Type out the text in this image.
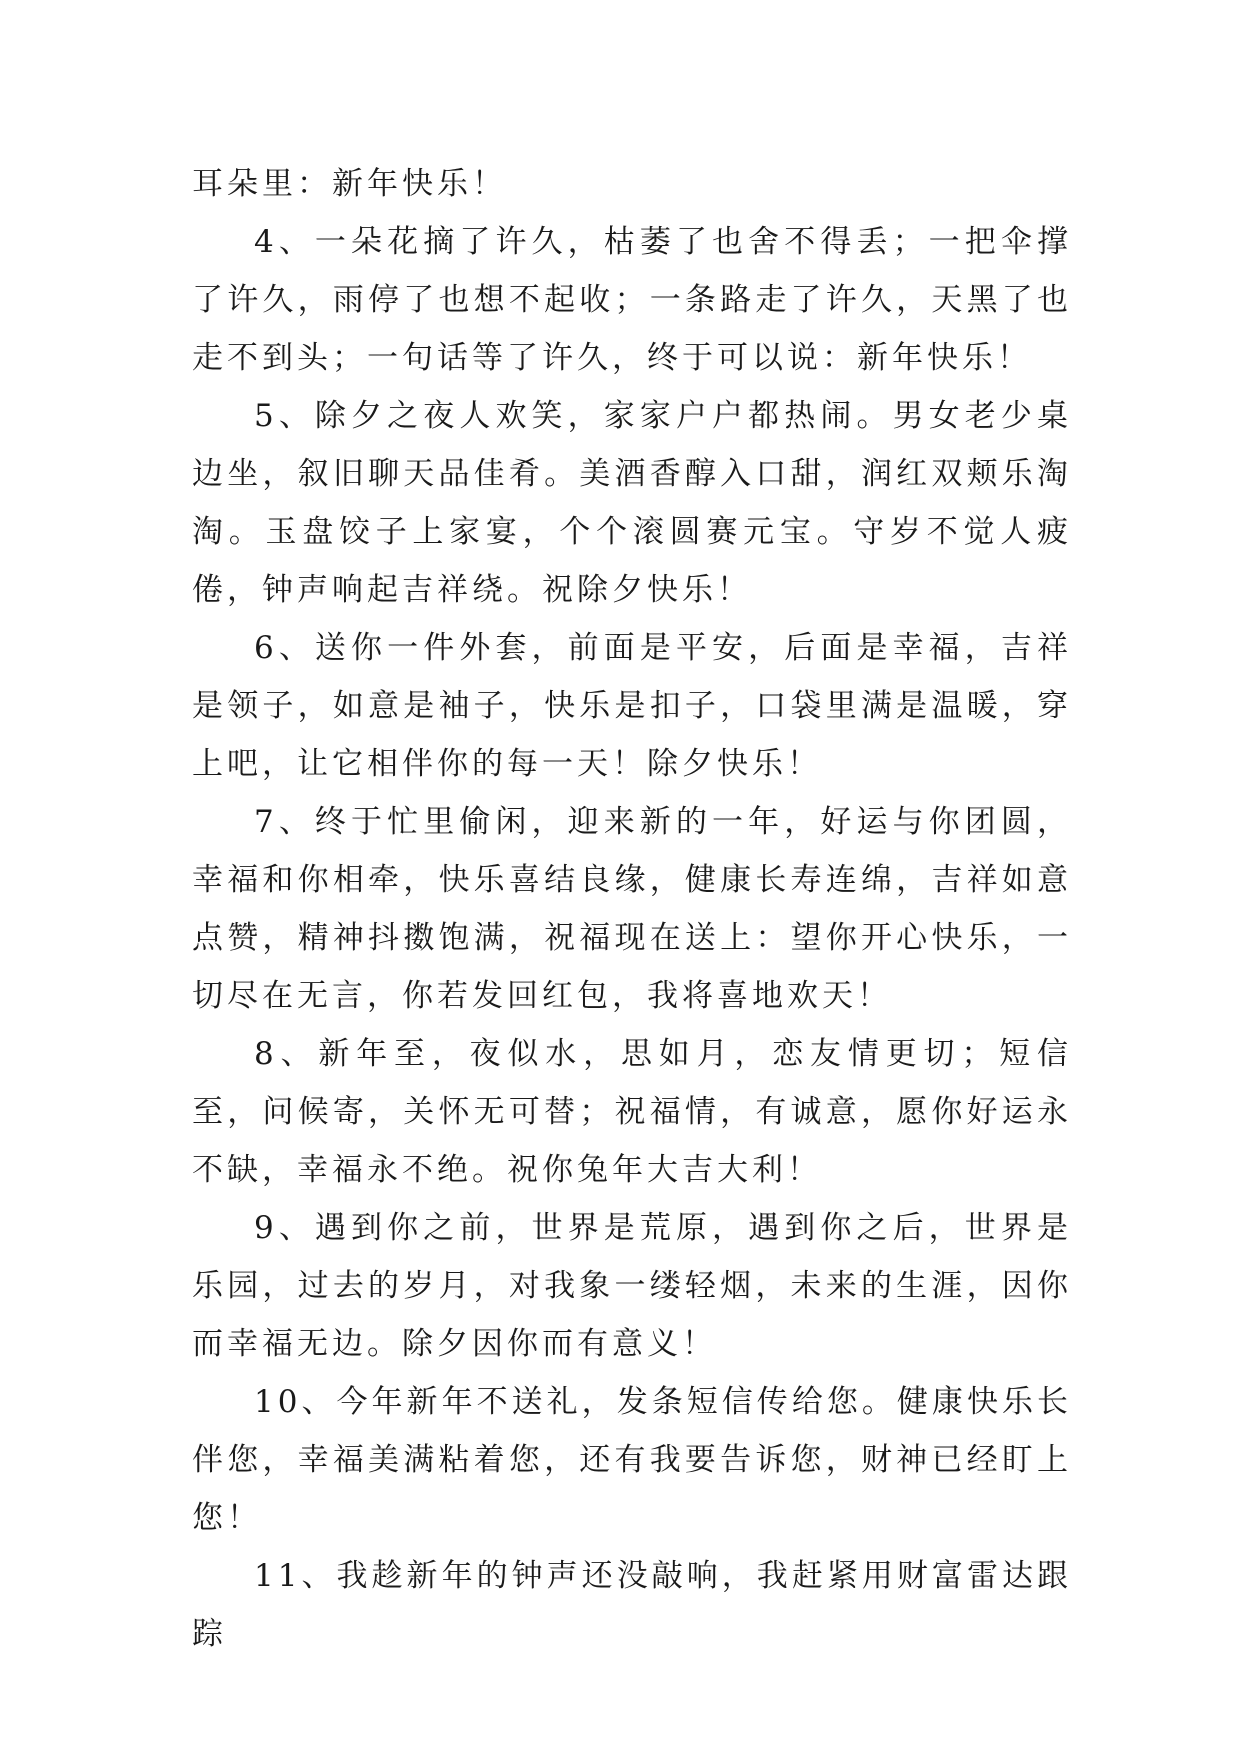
耳朵里：新年快乐！

4、一朵花摘了许久，枯萎了也舍不得丢；一把伞撑了许久，雨停了也想不起收；一条路走了许久，天黑了也走不到头；一句话等了许久，终于可以说：新年快乐！

5、除夕之夜人欢笑，家家户户都热闹。男女老少桌边坐，叙旧聊天品佳肴。美酒香醇入口甜，润红双颊乐淘淘。玉盘饺子上家宴，个个滚圆赛元宝。守岁不觉人疲倦，钟声响起吉祥绕。祝除夕快乐！

6、送你一件外套，前面是平安，后面是幸福，吉祥是领子，如意是袖子，快乐是扣子，口袋里满是温暖，穿上吧，让它相伴你的每一天！除夕快乐！

7、终于忙里偷闲，迎来新的一年，好运与你团圆，幸福和你相牵，快乐喜结良缘，健康长寿连绵，吉祥如意点赞，精神抖擞饱满，祝福现在送上：望你开心快乐，一切尽在无言，你若发回红包，我将喜地欢天！

8、新年至，夜似水，思如月，恋友情更切；短信至，问候寄，关怀无可替；祝福情，有诚意，愿你好运永不缺，幸福永不绝。祝你兔年大吉大利！

9、遇到你之前，世界是荒原，遇到你之后，世界是乐园，过去的岁月，对我象一缕轻烟，未来的生涯，因你而幸福无边。除夕因你而有意义！

10、今年新年不送礼，发条短信传给您。健康快乐长伴您，幸福美满粘着您，还有我要告诉您，财神已经盯上您！

11、我趁新年的钟声还没敲响，我赶紧用财富雷达跟踪
